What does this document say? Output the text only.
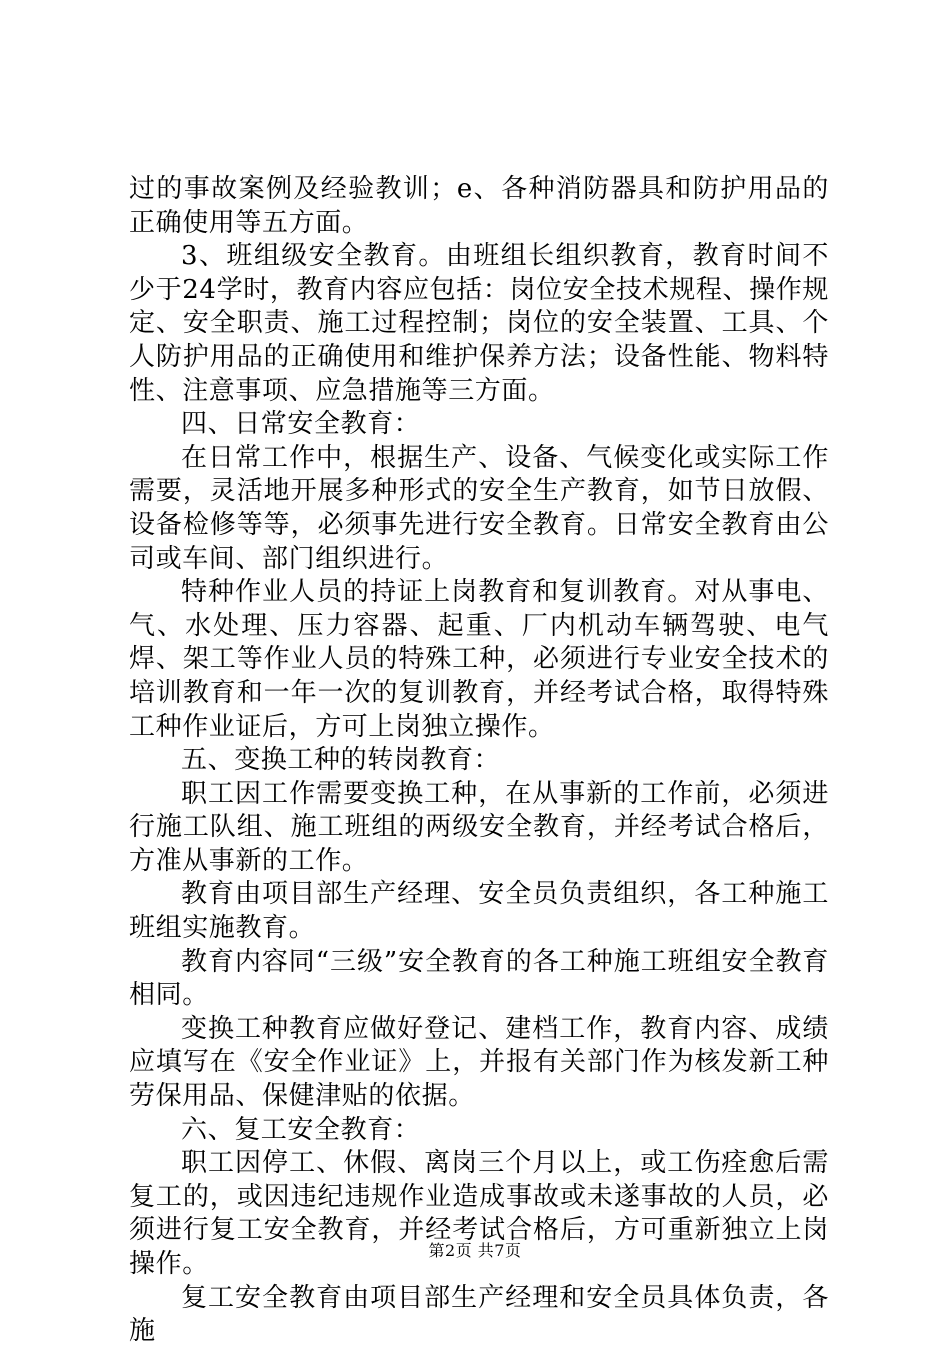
过的事故案例及经验教训；e、各种消防器具和防护用品的正确使用等五方面。

3、班组级安全教育。由班组长组织教育，教育时间不少于24学时，教育内容应包括：岗位安全技术规程、操作规定、安全职责、施工过程控制；岗位的安全装置、工具、个人防护用品的正确使用和维护保养方法；设备性能、物料特性、注意事项、应急措施等三方面。

四、日常安全教育：

在日常工作中，根据生产、设备、气候变化或实际工作需要，灵活地开展多种形式的安全生产教育，如节日放假、设备检修等等，必须事先进行安全教育。日常安全教育由公司或车间、部门组织进行。

特种作业人员的持证上岗教育和复训教育。对从事电、气、水处理、压力容器、起重、厂内机动车辆驾驶、电气焊、架工等作业人员的特殊工种，必须进行专业安全技术的培训教育和一年一次的复训教育，并经考试合格，取得特殊工种作业证后，方可上岗独立操作。

五、变换工种的转岗教育：

职工因工作需要变换工种，在从事新的工作前，必须进行施工队组、施工班组的两级安全教育，并经考试合格后，方准从事新的工作。

教育由项目部生产经理、安全员负责组织，各工种施工班组实施教育。

教育内容同“三级”安全教育的各工种施工班组安全教育相同。

变换工种教育应做好登记、建档工作，教育内容、成绩应填写在《安全作业证》上，并报有关部门作为核发新工种劳保用品、保健津贴的依据。

六、复工安全教育：

职工因停工、休假、离岗三个月以上，或工伤痊愈后需复工的，或因违纪违规作业造成事故或未遂事故的人员，必须进行复工安全教育，并经考试合格后，方可重新独立上岗操作。

复工安全教育由项目部生产经理和安全员具体负责，各施

第2页 共7页
